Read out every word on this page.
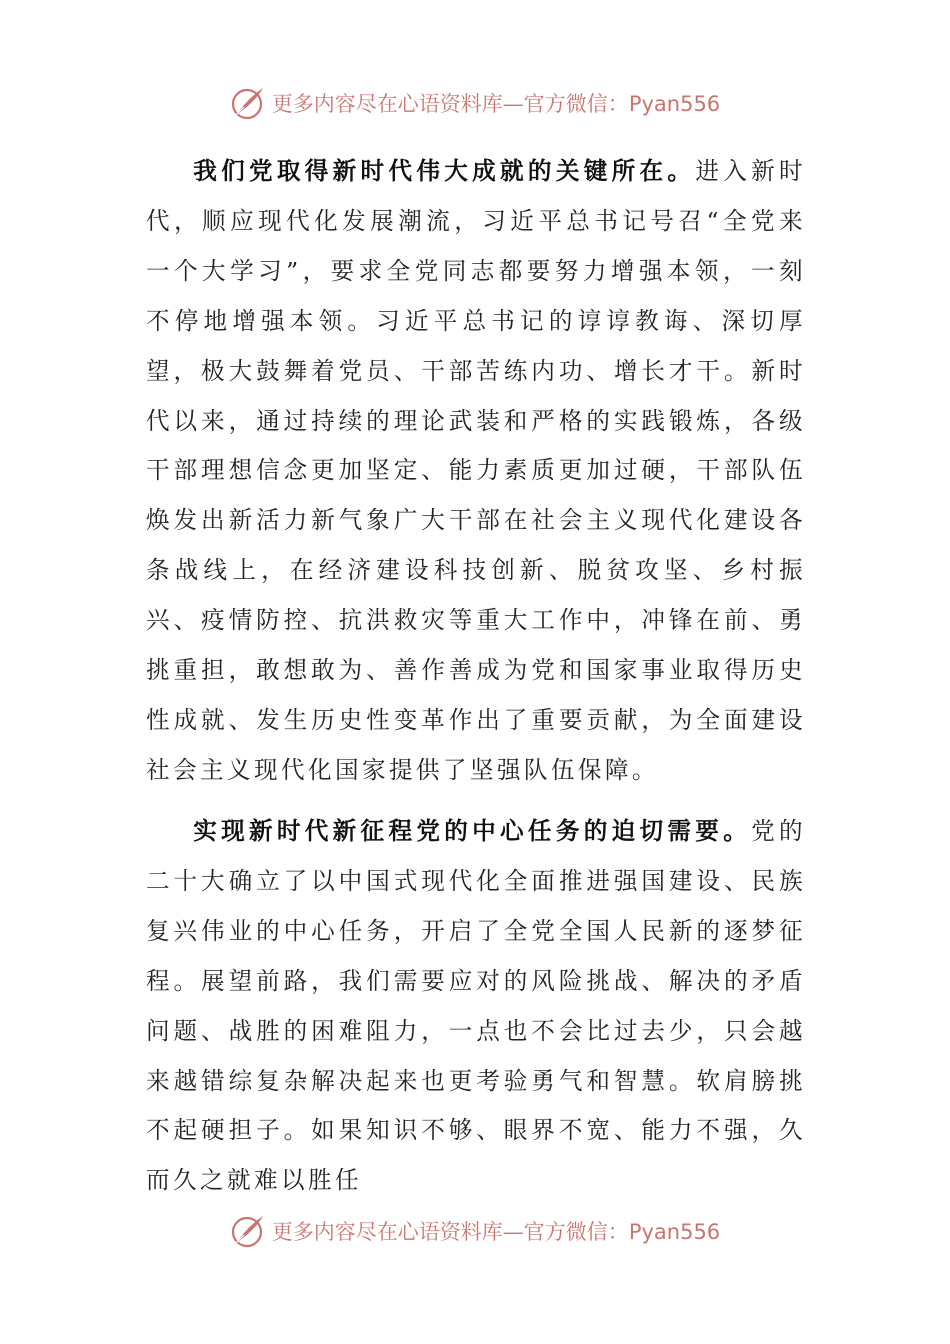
更多内容尽在心语资料库—官方微信：Pyan556

我们党取得新时代伟大成就的关键所在。进入新时代，顺应现代化发展潮流，习近平总书记号召“全党来一个大学习”，要求全党同志都要努力增强本领，一刻不停地增强本领。习近平总书记的谆谆教诲、深切厚望，极大鼓舞着党员、干部苦练内功、增长才干。新时代以来，通过持续的理论武装和严格的实践锻炼，各级干部理想信念更加坚定、能力素质更加过硬，干部队伍焕发出新活力新气象广大干部在社会主义现代化建设各条战线上，在经济建设科技创新、脱贫攻坚、乡村振兴、疫情防控、抗洪救灾等重大工作中，冲锋在前、勇挑重担，敢想敢为、善作善成为党和国家事业取得历史性成就、发生历史性变革作出了重要贡献，为全面建设社会主义现代化国家提供了坚强队伍保障。

实现新时代新征程党的中心任务的迫切需要。党的二十大确立了以中国式现代化全面推进强国建设、民族复兴伟业的中心任务，开启了全党全国人民新的逐梦征程。展望前路，我们需要应对的风险挑战、解决的矛盾问题、战胜的困难阻力，一点也不会比过去少，只会越来越错综复杂解决起来也更考验勇气和智慧。软肩膀挑不起硬担子。如果知识不够、眼界不宽、能力不强，久而久之就难以胜任

更多内容尽在心语资料库—官方微信：Pyan556
